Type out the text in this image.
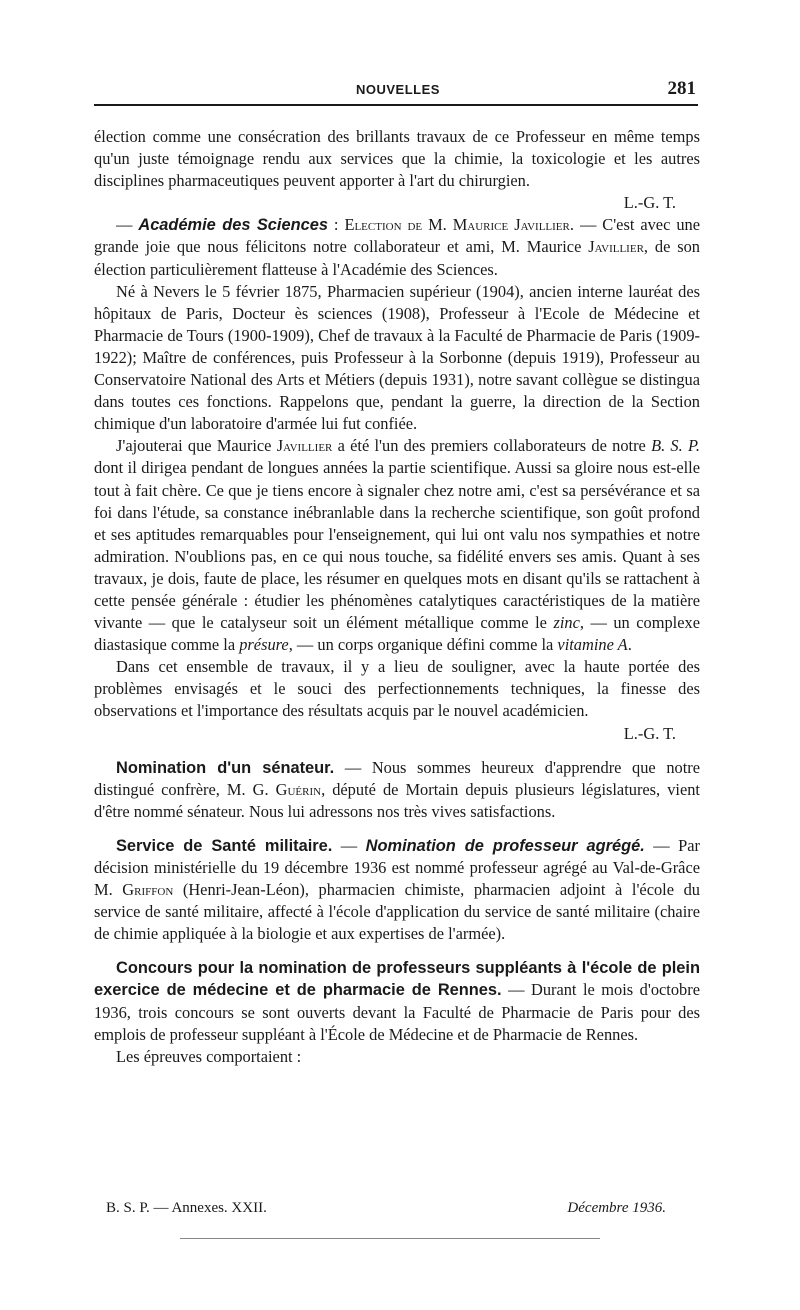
NOUVELLES	281

élection comme une consécration des brillants travaux de ce Professeur en même temps qu'un juste témoignage rendu aux services que la chimie, la toxicologie et les autres disciplines pharmaceutiques peuvent apporter à l'art du chirurgien.

L.-G. T.

— Académie des Sciences : Election de M. Maurice Javillier. — C'est avec une grande joie que nous félicitons notre collaborateur et ami, M. Maurice Javillier, de son élection particulièrement flatteuse à l'Académie des Sciences.

Né à Nevers le 5 février 1875, Pharmacien supérieur (1904), ancien interne lauréat des hôpitaux de Paris, Docteur ès sciences (1908), Professeur à l'Ecole de Médecine et Pharmacie de Tours (1900-1909), Chef de travaux à la Faculté de Pharmacie de Paris (1909-1922); Maître de conférences, puis Professeur à la Sorbonne (depuis 1919), Professeur au Conservatoire National des Arts et Métiers (depuis 1931), notre savant collègue se distingua dans toutes ces fonctions. Rappelons que, pendant la guerre, la direction de la Section chimique d'un laboratoire d'armée lui fut confiée.

J'ajouterai que Maurice Javillier a été l'un des premiers collaborateurs de notre B. S. P. dont il dirigea pendant de longues années la partie scientifique. Aussi sa gloire nous est-elle tout à fait chère. Ce que je tiens encore à signaler chez notre ami, c'est sa persévérance et sa foi dans l'étude, sa constance inébranlable dans la recherche scientifique, son goût profond et ses aptitudes remarquables pour l'enseignement, qui lui ont valu nos sympathies et notre admiration. N'oublions pas, en ce qui nous touche, sa fidélité envers ses amis. Quant à ses travaux, je dois, faute de place, les résumer en quelques mots en disant qu'ils se rattachent à cette pensée générale : étudier les phénomènes catalytiques caractéristiques de la matière vivante — que le catalyseur soit un élément métallique comme le zinc, — un complexe diastasique comme la présure, — un corps organique défini comme la vitamine A.

Dans cet ensemble de travaux, il y a lieu de souligner, avec la haute portée des problèmes envisagés et le souci des perfectionnements techniques, la finesse des observations et l'importance des résultats acquis par le nouvel académicien.

L.-G. T.

Nomination d'un sénateur. — Nous sommes heureux d'apprendre que notre distingué confrère, M. G. Guérin, député de Mortain depuis plusieurs législatures, vient d'être nommé sénateur. Nous lui adressons nos très vives satisfactions.

Service de Santé militaire. — Nomination de professeur agrégé. — Par décision ministérielle du 19 décembre 1936 est nommé professeur agrégé au Val-de-Grâce M. Griffon (Henri-Jean-Léon), pharmacien chimiste, pharmacien adjoint à l'école du service de santé militaire, affecté à l'école d'application du service de santé militaire (chaire de chimie appliquée à la biologie et aux expertises de l'armée).

Concours pour la nomination de professeurs suppléants à l'école de plein exercice de médecine et de pharmacie de Rennes. — Durant le mois d'octobre 1936, trois concours se sont ouverts devant la Faculté de Pharmacie de Paris pour des emplois de professeur suppléant à l'École de Médecine et de Pharmacie de Rennes.

Les épreuves comportaient :

B. S. P. — Annexes. XXII.	Décembre 1936.
